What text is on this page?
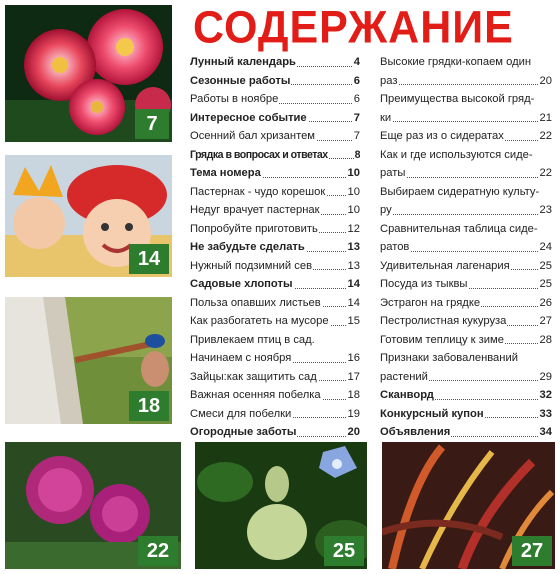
СОДЕРЖАНИЕ
7
14
18
22	25	27
Лунный календарь	4
Сезонные работы	6
Работы в ноябре	6
Интересное событие	7
Осенний бал хризантем	7
Грядка в вопросах и ответах	8
Тема номера	10
Пастернак - чудо корешок 10
Недуг врачует пастернак	10
Попробуйте приготовить	12
Не забудьте сделать	13
Нужный подзимний сев	13
Садовые хлопоты	14
Польза опавших листьев 14
Как разбогатеть на мусоре 15
Привлекаем птиц в сад.
Начинаем с ноября	16
Зайцы:как защитить сад	17
Важная осенняя побелка 18
Смеси для побелки	19
Огородные заботы	20
Высокие грядки-копаем один
раз	20
Преимущества высокой гряд-
ки	21
Еще раз из о сидератах	22
Как и где используются сиде-
раты	22
Выбираем сидератную культу-
ру	23
Сравнительная таблица сиде-
ратов	24
Удивительная лагенария	25
Посуда из тыквы	25
Эстрагон на грядке	26
Пестролистная кукуруза	27
Готовим теплицу к зиме	28
Признаки забоваленваний
растений	29
Сканворд	32
Конкурсный купон	33
Объявления	34
